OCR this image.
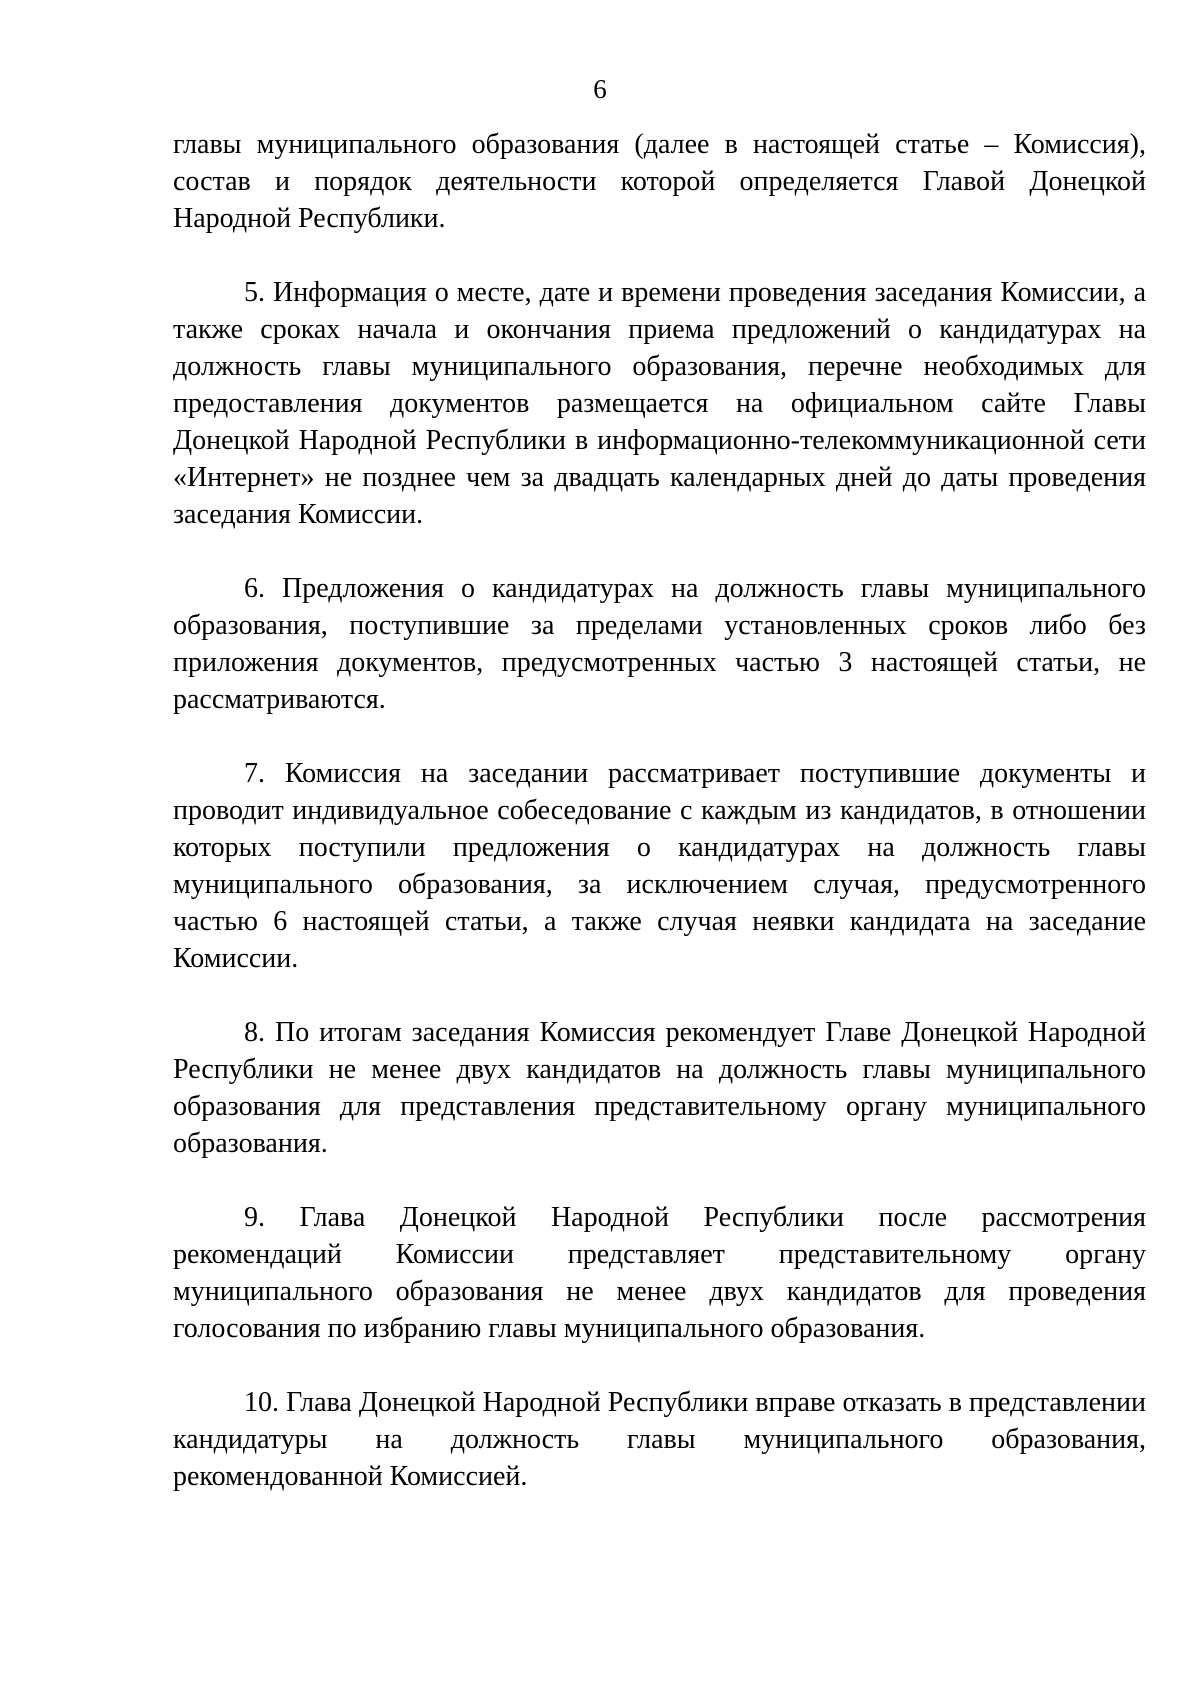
6

главы муниципального образования (далее в настоящей статье – Комиссия), состав и порядок деятельности которой определяется Главой Донецкой Народной Республики.

5. Информация о месте, дате и времени проведения заседания Комиссии, а также сроках начала и окончания приема предложений о кандидатурах на должность главы муниципального образования, перечне необходимых для предоставления документов размещается на официальном сайте Главы Донецкой Народной Республики в информационно-телекоммуникационной сети «Интернет» не позднее чем за двадцать календарных дней до даты проведения заседания Комиссии.

6. Предложения о кандидатурах на должность главы муниципального образования, поступившие за пределами установленных сроков либо без приложения документов, предусмотренных частью 3 настоящей статьи, не рассматриваются.

7. Комиссия на заседании рассматривает поступившие документы и проводит индивидуальное собеседование с каждым из кандидатов, в отношении которых поступили предложения о кандидатурах на должность главы муниципального образования, за исключением случая, предусмотренного частью 6 настоящей статьи, а также случая неявки кандидата на заседание Комиссии.

8. По итогам заседания Комиссия рекомендует Главе Донецкой Народной Республики не менее двух кандидатов на должность главы муниципального образования для представления представительному органу муниципального образования.

9. Глава Донецкой Народной Республики после рассмотрения рекомендаций Комиссии представляет представительному органу муниципального образования не менее двух кандидатов для проведения голосования по избранию главы муниципального образования.

10. Глава Донецкой Народной Республики вправе отказать в представлении кандидатуры на должность главы муниципального образования, рекомендованной Комиссией.
